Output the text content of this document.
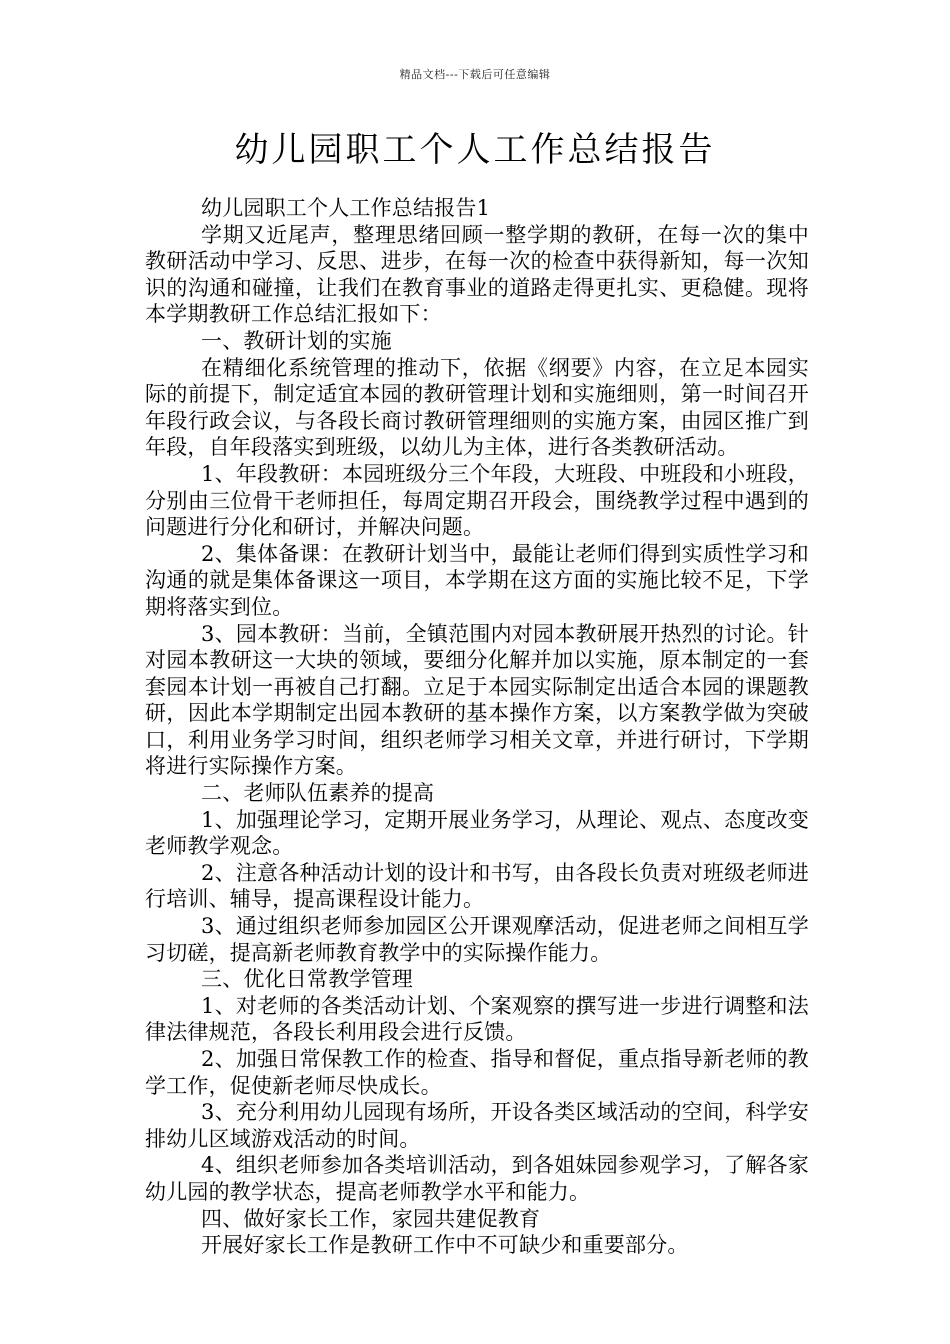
精品文档---下载后可任意编辑
幼儿园职工个人工作总结报告

幼儿园职工个人工作总结报告1

学期又近尾声，整理思绪回顾一整学期的教研，在每一次的集中教研活动中学习、反思、进步，在每一次的检查中获得新知，每一次知识的沟通和碰撞，让我们在教育事业的道路走得更扎实、更稳健。现将本学期教研工作总结汇报如下：

一、教研计划的实施

在精细化系统管理的推动下，依据《纲要》内容，在立足本园实际的前提下，制定适宜本园的教研管理计划和实施细则，第一时间召开年段行政会议，与各段长商讨教研管理细则的实施方案，由园区推广到年段，自年段落实到班级，以幼儿为主体，进行各类教研活动。

1、年段教研：本园班级分三个年段，大班段、中班段和小班段，分别由三位骨干老师担任，每周定期召开段会，围绕教学过程中遇到的问题进行分化和研讨，并解决问题。

2、集体备课：在教研计划当中，最能让老师们得到实质性学习和沟通的就是集体备课这一项目，本学期在这方面的实施比较不足，下学期将落实到位。

3、园本教研：当前，全镇范围内对园本教研展开热烈的讨论。针对园本教研这一大块的领域，要细分化解并加以实施，原本制定的一套套园本计划一再被自己打翻。立足于本园实际制定出适合本园的课题教研，因此本学期制定出园本教研的基本操作方案，以方案教学做为突破口，利用业务学习时间，组织老师学习相关文章，并进行研讨，下学期将进行实际操作方案。

二、老师队伍素养的提高

1、加强理论学习，定期开展业务学习，从理论、观点、态度改变老师教学观念。

2、注意各种活动计划的设计和书写，由各段长负责对班级老师进行培训、辅导，提高课程设计能力。

3、通过组织老师参加园区公开课观摩活动，促进老师之间相互学习切磋，提高新老师教育教学中的实际操作能力。

三、优化日常教学管理

1、对老师的各类活动计划、个案观察的撰写进一步进行调整和法律法律规范，各段长利用段会进行反馈。

2、加强日常保教工作的检查、指导和督促，重点指导新老师的教学工作，促使新老师尽快成长。

3、充分利用幼儿园现有场所，开设各类区域活动的空间，科学安排幼儿区域游戏活动的时间。

4、组织老师参加各类培训活动，到各姐妹园参观学习，了解各家幼儿园的教学状态，提高老师教学水平和能力。

四、做好家长工作，家园共建促教育

开展好家长工作是教研工作中不可缺少和重要部分。
